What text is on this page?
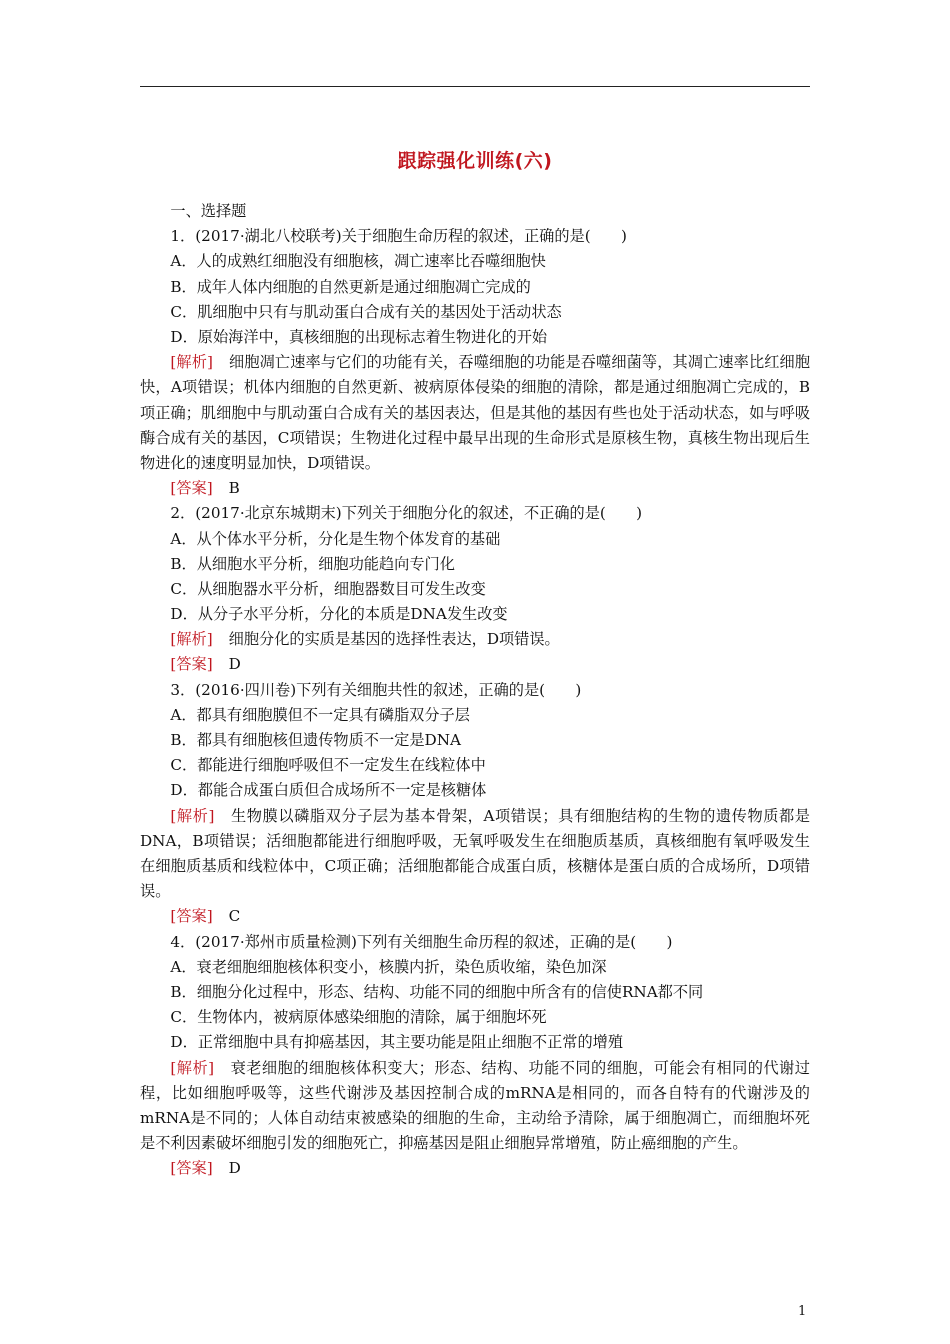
跟踪强化训练(六)
一、选择题
1．(2017·湖北八校联考)关于细胞生命历程的叙述，正确的是(　　)
A．人的成熟红细胞没有细胞核，凋亡速率比吞噬细胞快
B．成年人体内细胞的自然更新是通过细胞凋亡完成的
C．肌细胞中只有与肌动蛋白合成有关的基因处于活动状态
D．原始海洋中，真核细胞的出现标志着生物进化的开始

[解析] 细胞凋亡速率与它们的功能有关，吞噬细胞的功能是吞噬细菌等，其凋亡速率比红细胞快，A项错误；机体内细胞的自然更新、被病原体侵染的细胞的清除，都是通过细胞凋亡完成的，B项正确；肌细胞中与肌动蛋白合成有关的基因表达，但是其他的基因有些也处于活动状态，如与呼吸酶合成有关的基因，C项错误；生物进化过程中最早出现的生命形式是原核生物，真核生物出现后生物进化的速度明显加快，D项错误。

[答案] B
2．(2017·北京东城期末)下列关于细胞分化的叙述，不正确的是(　　)
A．从个体水平分析，分化是生物个体发育的基础
B．从细胞水平分析，细胞功能趋向专门化
C．从细胞器水平分析，细胞器数目可发生改变
D．从分子水平分析，分化的本质是DNA发生改变

[解析] 细胞分化的实质是基因的选择性表达，D项错误。

[答案] D
3．(2016·四川卷)下列有关细胞共性的叙述，正确的是(　　)
A．都具有细胞膜但不一定具有磷脂双分子层
B．都具有细胞核但遗传物质不一定是DNA
C．都能进行细胞呼吸但不一定发生在线粒体中
D．都能合成蛋白质但合成场所不一定是核糖体

[解析] 生物膜以磷脂双分子层为基本骨架，A项错误；具有细胞结构的生物的遗传物质都是DNA，B项错误；活细胞都能进行细胞呼吸，无氧呼吸发生在细胞质基质，真核细胞有氧呼吸发生在细胞质基质和线粒体中，C项正确；活细胞都能合成蛋白质，核糖体是蛋白质的合成场所，D项错误。

[答案] C
4．(2017·郑州市质量检测)下列有关细胞生命历程的叙述，正确的是(　　)
A．衰老细胞细胞核体积变小，核膜内折，染色质收缩，染色加深
B．细胞分化过程中，形态、结构、功能不同的细胞中所含有的信使RNA都不同
C．生物体内，被病原体感染细胞的清除，属于细胞坏死
D．正常细胞中具有抑癌基因，其主要功能是阻止细胞不正常的增殖

[解析] 衰老细胞的细胞核体积变大；形态、结构、功能不同的细胞，可能会有相同的代谢过程，比如细胞呼吸等，这些代谢涉及基因控制合成的mRNA是相同的，而各自特有的代谢涉及的mRNA是不同的；人体自动结束被感染的细胞的生命，主动给予清除，属于细胞凋亡，而细胞坏死是不利因素破坏细胞引发的细胞死亡，抑癌基因是阻止细胞异常增殖，防止癌细胞的产生。

[答案] D
1
